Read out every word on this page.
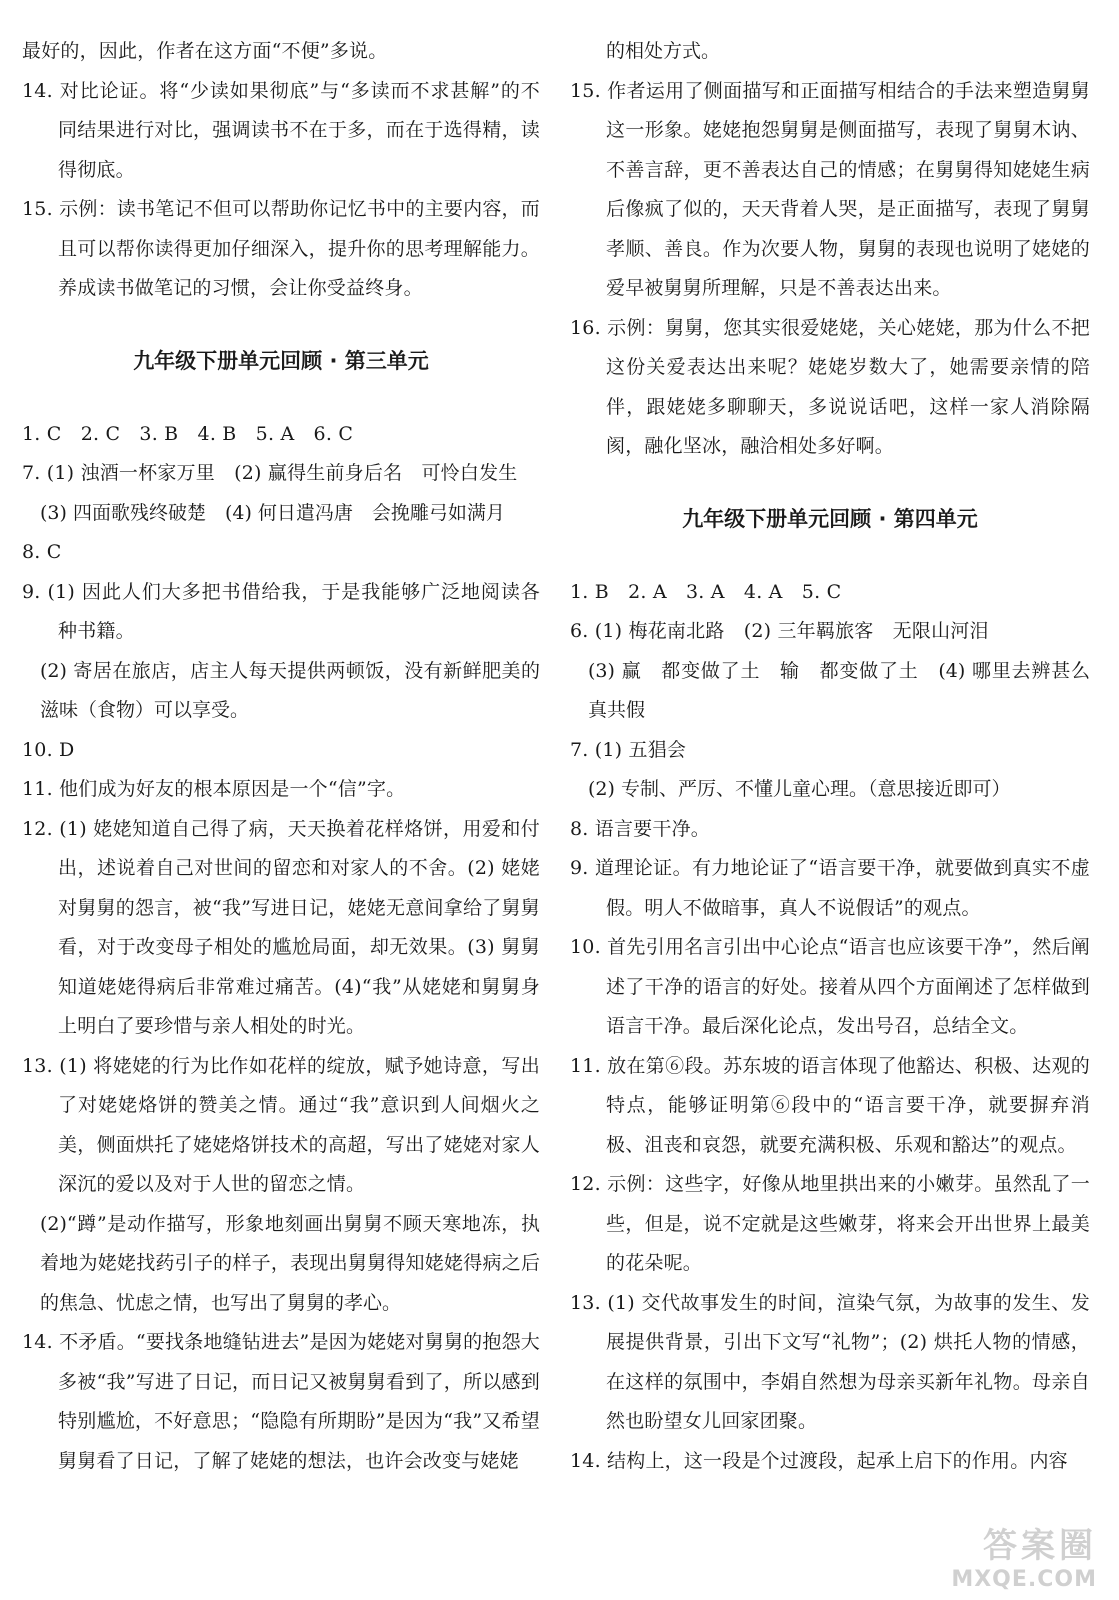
最好的，因此，作者在这方面“不便”多说。
14. 对比论证。将“少读如果彻底”与“多读而不求甚解”的不同结果进行对比，强调读书不在于多，而在于选得精，读得彻底。
15. 示例：读书笔记不但可以帮助你记忆书中的主要内容，而且可以帮你读得更加仔细深入，提升你的思考理解能力。养成读书做笔记的习惯，会让你受益终身。
九年级下册单元回顾 · 第三单元
1. C　2. C　3. B　4. B　5. A　6. C
7. (1) 浊酒一杯家万里　(2) 赢得生前身后名　可怜白发生
(3) 四面歌残终破楚　(4) 何日遣冯唐　会挽雕弓如满月
8. C
9. (1) 因此人们大多把书借给我，于是我能够广泛地阅读各种书籍。
(2) 寄居在旅店，店主人每天提供两顿饭，没有新鲜肥美的滋味（食物）可以享受。
10. D
11. 他们成为好友的根本原因是一个“信”字。
12. (1) 姥姥知道自己得了病，天天换着花样烙饼，用爱和付出，述说着自己对世间的留恋和对家人的不舍。(2) 姥姥对舅舅的怨言，被“我”写进日记，姥姥无意间拿给了舅舅看，对于改变母子相处的尴尬局面，却无效果。(3) 舅舅知道姥姥得病后非常难过痛苦。(4)“我”从姥姥和舅舅身上明白了要珍惜与亲人相处的时光。
13. (1) 将姥姥的行为比作如花样的绽放，赋予她诗意，写出了对姥姥烙饼的赞美之情。通过“我”意识到人间烟火之美，侧面烘托了姥姥烙饼技术的高超，写出了姥姥对家人深沉的爱以及对于人世的留恋之情。
(2)“蹲”是动作描写，形象地刻画出舅舅不顾天寒地冻，执着地为姥姥找药引子的样子，表现出舅舅得知姥姥得病之后的焦急、忧虑之情，也写出了舅舅的孝心。
14. 不矛盾。“要找条地缝钻进去”是因为姥姥对舅舅的抱怨大多被“我”写进了日记，而日记又被舅舅看到了，所以感到特别尴尬，不好意思；“隐隐有所期盼”是因为“我”又希望舅舅看了日记，了解了姥姥的想法，也许会改变与姥姥
的相处方式。
15. 作者运用了侧面描写和正面描写相结合的手法来塑造舅舅这一形象。姥姥抱怨舅舅是侧面描写，表现了舅舅木讷、不善言辞，更不善表达自己的情感；在舅舅得知姥姥生病后像疯了似的，天天背着人哭，是正面描写，表现了舅舅孝顺、善良。作为次要人物，舅舅的表现也说明了姥姥的爱早被舅舅所理解，只是不善表达出来。
16. 示例：舅舅，您其实很爱姥姥，关心姥姥，那为什么不把这份关爱表达出来呢？姥姥岁数大了，她需要亲情的陪伴，跟姥姥多聊聊天，多说说话吧，这样一家人消除隔阂，融化坚冰，融洽相处多好啊。
九年级下册单元回顾 · 第四单元
1. B　2. A　3. A　4. A　5. C
6. (1) 梅花南北路　(2) 三年羁旅客　无限山河泪
(3) 赢　都变做了土　输　都变做了土　(4) 哪里去辨甚么真共假
7. (1) 五猖会
(2) 专制、严厉、不懂儿童心理。（意思接近即可）
8. 语言要干净。
9. 道理论证。有力地论证了“语言要干净，就要做到真实不虚假。明人不做暗事，真人不说假话”的观点。
10. 首先引用名言引出中心论点“语言也应该要干净”，然后阐述了干净的语言的好处。接着从四个方面阐述了怎样做到语言干净。最后深化论点，发出号召，总结全文。
11. 放在第⑥段。苏东坡的语言体现了他豁达、积极、达观的特点，能够证明第⑥段中的“语言要干净，就要摒弃消极、沮丧和哀怨，就要充满积极、乐观和豁达”的观点。
12. 示例：这些字，好像从地里拱出来的小嫩芽。虽然乱了一些，但是，说不定就是这些嫩芽，将来会开出世界上最美的花朵呢。
13. (1) 交代故事发生的时间，渲染气氛，为故事的发生、发展提供背景，引出下文写“礼物”；(2) 烘托人物的情感，在这样的氛围中，李娟自然想为母亲买新年礼物。母亲自然也盼望女儿回家团聚。
14. 结构上，这一段是个过渡段，起承上启下的作用。内容
答案圈
MXQE.COM
